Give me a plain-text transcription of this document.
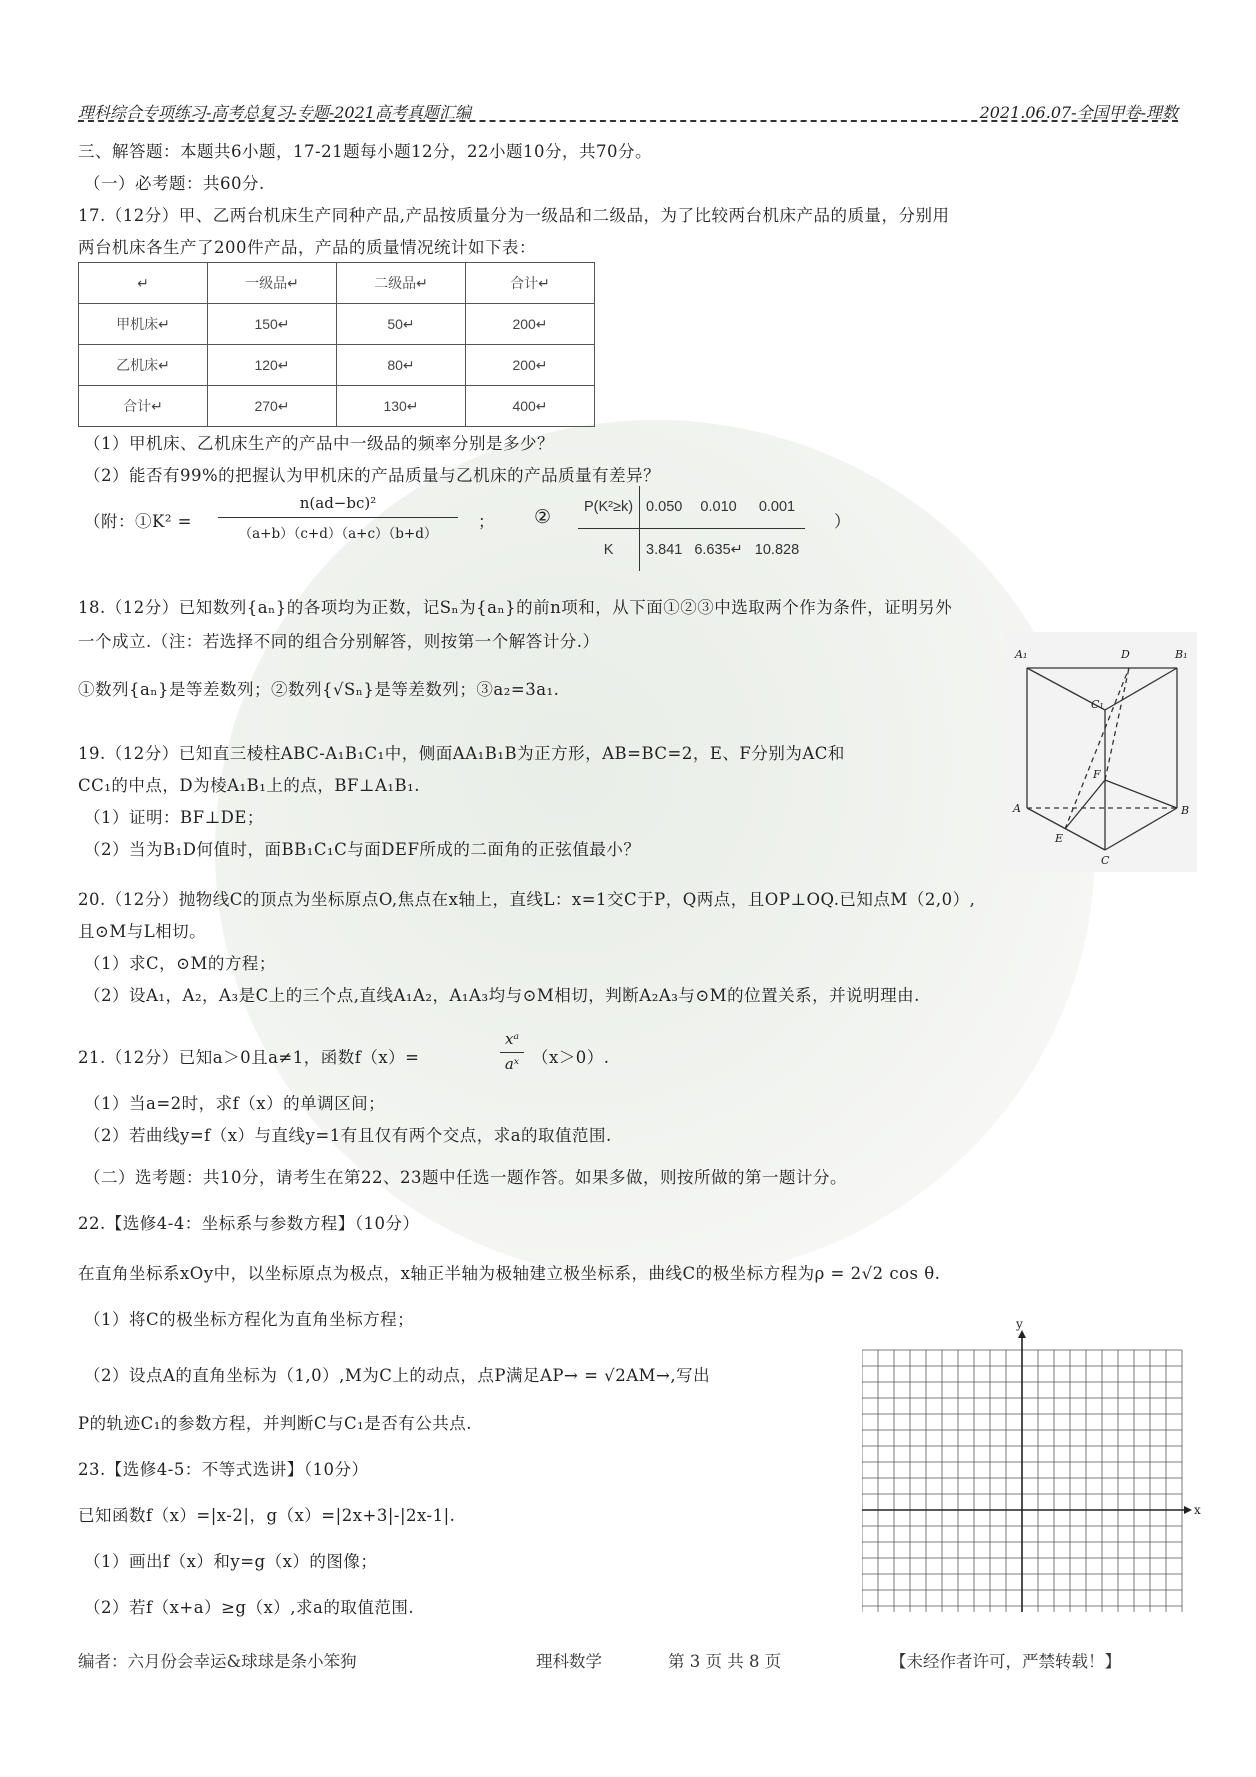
理科综合专项练习-高考总复习-专题-2021高考真题汇编	2021.06.07-全国甲卷-理数
三、解答题：本题共6小题，17-21题每小题12分，22小题10分，共70分。
（一）必考题：共60分.
17.（12分）甲、乙两台机床生产同种产品,产品按质量分为一级品和二级品，为了比较两台机床产品的质量，分别用
两台机床各生产了200件产品，产品的质量情况统计如下表：
↵	一级品↵	二级品↵	合计↵
甲机床↵	150↵	50↵	200↵
乙机床↵	120↵	80↵	200↵
合计↵	270↵	130↵	400↵
（1）甲机床、乙机床生产的产品中一级品的频率分别是多少？
（2）能否有99%的把握认为甲机床的产品质量与乙机床的产品质量有差异？
（附：①K² =
n(ad−bc)²
（a+b）（c+d）（a+c）（b+d）
； ② P(K²≥k)	0.050	0.010	0.001
K	3.841	6.635↵	10.828
）
18.（12分）已知数列{aₙ}的各项均为正数，记Sₙ为{aₙ}的前n项和，从下面①②③中选取两个作为条件，证明另外
一个成立.（注：若选择不同的组合分别解答，则按第一个解答计分.）
①数列{aₙ}是等差数列；②数列{√Sₙ}是等差数列；③a₂=3a₁.
A₁	D	B₁
C₁
F
A	B
E
C
19.（12分）已知直三棱柱ABC-A₁B₁C₁中，侧面AA₁B₁B为正方形，AB=BC=2，E、F分别为AC和
CC₁的中点，D为棱A₁B₁上的点，BF⊥A₁B₁.
（1）证明：BF⊥DE；
（2）当为B₁D何值时，面BB₁C₁C与面DEF所成的二面角的正弦值最小？
20.（12分）抛物线C的顶点为坐标原点O,焦点在x轴上，直线L：x=1交C于P，Q两点，且OP⊥OQ.已知点M（2,0）,
且⊙M与L相切。
（1）求C，⊙M的方程；
（2）设A₁，A₂，A₃是C上的三个点,直线A₁A₂，A₁A₃均与⊙M相切，判断A₂A₃与⊙M的位置关系，并说明理由.
21.（12分）已知a＞0且a≠1，函数f（x）=
xᵃ
aˣ （x＞0）.
（1）当a=2时，求f（x）的单调区间；
（2）若曲线y=f（x）与直线y=1有且仅有两个交点，求a的取值范围.
（二）选考题：共10分，请考生在第22、23题中任选一题作答。如果多做，则按所做的第一题计分。
22.【选修4-4：坐标系与参数方程】（10分）
在直角坐标系xOy中，以坐标原点为极点，x轴正半轴为极轴建立极坐标系，曲线C的极坐标方程为ρ = 2√2 cos θ.
（1）将C的极坐标方程化为直角坐标方程；
（2）设点A的直角坐标为（1,0）,M为C上的动点，点P满足AP→ = √2AM→,写出
P的轨迹C₁的参数方程，并判断C与C₁是否有公共点.
23.【选修4-5：不等式选讲】（10分）
已知函数f（x）=|x-2|，g（x）=|2x+3|-|2x-1|.
（1）画出f（x）和y=g（x）的图像；
（2）若f（x+a）≥g（x）,求a的取值范围.
y
x
编者：六月份会幸运&球球是条小笨狗	理科数学	第 3 页 共 8 页	【未经作者许可，严禁转载！】
